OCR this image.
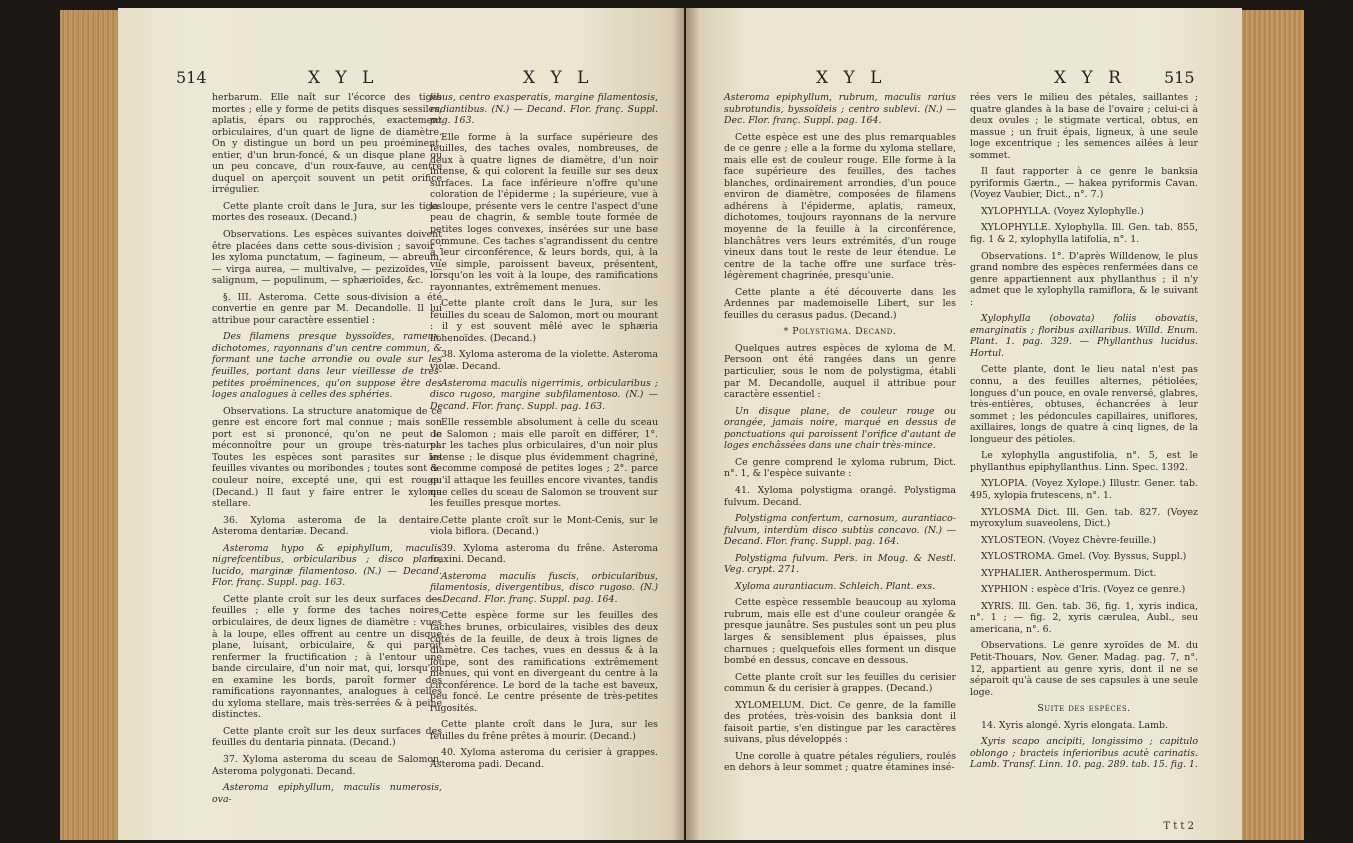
514	X Y L	X Y L

herbarum. Elle naît sur l'écorce des tiges mortes ; elle y forme de petits disques sessiles, aplatis, épars ou rapprochés, exactement orbiculaires, d'un quart de ligne de diamètre. On y distingue un bord un peu proéminent, entier, d'un brun-foncé, & un disque plane ou un peu concave, d'un roux-fauve, au centre duquel on aperçoit souvent un petit orifice irrégulier.

Cette plante croît dans le Jura, sur les tiges mortes des roseaux. (Decand.)

Observations. Les espèces suivantes doivent être placées dans cette sous-division ; savoir : les xyloma punctatum, — fagineum, — abreum, — virga aurea, — multivalve, — pezizoïdes, — salignum, — populinum, — sphærioïdes, &c.

§. III. Asteroma. Cette sous-division a été convertie en genre par M. Decandolle. Il lui attribue pour caractère essentiel :

Des filamens presque byssoïdes, rameux, dichotomes, rayonnans d'un centre commun, & formant une tache arrondie ou ovale sur les feuilles, portant dans leur vieillesse de très-petites proéminences, qu'on suppose être des loges analogues à celles des sphéries.

Observations. La structure anatomique de ce genre est encore fort mal connue ; mais son port est si prononcé, qu'on ne peut le méconnoître pour un groupe très-naturel. Toutes les espèces sont parasites sur les feuilles vivantes ou moribondes ; toutes sont de couleur noire, excepté une, qui est rouge. (Decand.) Il faut y faire entrer le xyloma stellare.

36. Xyloma asteroma de la dentaire. Asteroma dentariæ. Decand.

Asteroma hypo & epiphyllum, maculis nigrefcentibus, orbicularibus ; disco plano, lucido, marginæ filamentoso. (N.) — Decand. Flor. franç. Suppl. pag. 163.

Cette plante croît sur les deux surfaces des feuilles ; elle y forme des taches noires, orbiculaires, de deux lignes de diamètre : vues à la loupe, elles offrent au centre un disque plane, luisant, orbiculaire, & qui paroît renfermer la fructification ; à l'entour une bande circulaire, d'un noir mat, qui, lorsqu'on en examine les bords, paroît former des ramifications rayonnantes, analogues à celles du xyloma stellare, mais très-serrées & à peine distinctes.

Cette plante croît sur les deux surfaces des feuilles du dentaria pinnata. (Decand.)

37. Xyloma asteroma du sceau de Salomon. Asteroma polygonati. Decand.

Asteroma epiphyllum, maculis numerosis, ova-

libus, centro exasperatis, margine filamentosis, radiantibus. (N.) — Decand. Flor. franç. Suppl. pag. 163.

Elle forme à la surface supérieure des feuilles, des taches ovales, nombreuses, de deux à quatre lignes de diamètre, d'un noir intense, & qui colorent la feuille sur ses deux surfaces. La face inférieure n'offre qu'une coloration de l'épiderme ; la supérieure, vue à la loupe, présente vers le centre l'aspect d'une peau de chagrin, & semble toute formée de petites loges convexes, insérées sur une base commune. Ces taches s'agrandissent du centre à leur circonférence, & leurs bords, qui, à la vue simple, paroissent baveux, présentent, lorsqu'on les voit à la loupe, des ramifications rayonnantes, extrêmement menues.

Cette plante croît dans le Jura, sur les feuilles du sceau de Salomon, mort ou mourant : il y est souvent mêlé avec le sphæria lichenoïdes. (Decand.)

38. Xyloma asteroma de la violette. Asteroma violæ. Decand.

Asteroma maculis nigerrimis, orbicularibus ; disco rugoso, margine subfilamentoso. (N.) — Decand. Flor. franç. Suppl. pag. 163.

Elle ressemble absolument à celle du sceau de Salomon ; mais elle paroît en différer, 1°. par les taches plus orbiculaires, d'un noir plus intense ; le disque plus évidemment chagriné, & comme composé de petites loges ; 2°. parce qu'il attaque les feuilles encore vivantes, tandis que celles du sceau de Salomon se trouvent sur les feuilles presque mortes.

Cette plante croît sur le Mont-Cenis, sur le viola biflora. (Decand.)

39. Xyloma asteroma du frêne. Asteroma fraxini. Decand.

Asteroma maculis fuscis, orbicularibus, filamentosis, divergentibus, disco rugoso. (N.) — Decand. Flor. franç. Suppl. pag. 164.

Cette espèce forme sur les feuilles des taches brunes, orbiculaires, visibles des deux côtés de la feuille, de deux à trois lignes de diamètre. Ces taches, vues en dessus & à la loupe, sont des ramifications extrêmement menues, qui vont en divergeant du centre à la circonférence. Le bord de la tache est baveux, peu foncé. Le centre présente de très-petites rugosités.

Cette plante croît dans le Jura, sur les feuilles du frêne prêtes à mourir. (Decand.)

40. Xyloma asteroma du cerisier à grappes. Asteroma padi. Decand.

X Y L	X Y R 515

Asteroma epiphyllum, rubrum, maculis rarius subrotundis, byssoïdeis ; centro sublevi. (N.) — Dec. Flor. franç. Suppl. pag. 164.

Cette espèce est une des plus remarquables de ce genre ; elle a la forme du xyloma stellare, mais elle est de couleur rouge. Elle forme à la face supérieure des feuilles, des taches blanches, ordinairement arrondies, d'un pouce environ de diamètre, composées de filamens adhérens à l'épiderme, aplatis, rameux, dichotomes, toujours rayonnans de la nervure moyenne de la feuille à la circonférence, blanchâtres vers leurs extrémités, d'un rouge vineux dans tout le reste de leur étendue. Le centre de la tache offre une surface très-légèrement chagrinée, presqu'unie.

Cette plante a été découverte dans les Ardennes par mademoiselle Libert, sur les feuilles du cerasus padus. (Decand.)

* Polystigma. Decand.

Quelques autres espèces de xyloma de M. Persoon ont été rangées dans un genre particulier, sous le nom de polystigma, établi par M. Decandolle, auquel il attribue pour caractère essentiel :

Un disque plane, de couleur rouge ou orangée, jamais noire, marqué en dessus de ponctuations qui paroissent l'orifice d'autant de loges enchâssées dans une chair très-mince.

Ce genre comprend le xyloma rubrum, Dict. n°. 1, & l'espèce suivante :

41. Xyloma polystigma orangé. Polystigma fulvum. Decand.

Polystigma confertum, carnosum, aurantiaco-fulvum, interdùm disco subtùs concavo. (N.) — Decand. Flor. franç. Suppl. pag. 164.

Polystigma fulvum. Pers. in Moug. & Nestl. Veg. crypt. 271.

Xyloma aurantiacum. Schleich. Plant. exs.

Cette espèce ressemble beaucoup au xyloma rubrum, mais elle est d'une couleur orangée & presque jaunâtre. Ses pustules sont un peu plus larges & sensiblement plus épaisses, plus charnues ; quelquefois elles forment un disque bombé en dessus, concave en dessous.

Cette plante croît sur les feuilles du cerisier commun & du cerisier à grappes. (Decand.)

XYLOMELUM. Dict. Ce genre, de la famille des protées, très-voisin des banksia dont il faisoit partie, s'en distingue par les caractères suivans, plus développés :

Une corolle à quatre pétales réguliers, roulés en dehors à leur sommet ; quatre étamines insé-

rées vers le milieu des pétales, saillantes ; quatre glandes à la base de l'ovaire ; celui-ci à deux ovules ; le stigmate vertical, obtus, en massue ; un fruit épais, ligneux, à une seule loge excentrique ; les semences ailées à leur sommet.

Il faut rapporter à ce genre le banksia pyriformis Gærtn., — hakea pyriformis Cavan. (Voyez Vaubier, Dict., n°. 7.)

XYLOPHYLLA. (Voyez Xylophylle.)

XYLOPHYLLE. Xylophylla. Ill. Gen. tab. 855, fig. 1 & 2, xylophylla latifolia, n°. 1.

Observations. 1°. D'après Willdenow, le plus grand nombre des espèces renfermées dans ce genre appartiennent aux phyllanthus ; il n'y admet que le xylophylla ramiflora, & le suivant :

Xylophylla (obovata) foliis obovatis, emarginatis ; floribus axillaribus. Willd. Enum. Plant. 1. pag. 329. — Phyllanthus lucidus. Hortul.

Cette plante, dont le lieu natal n'est pas connu, a des feuilles alternes, pétiolées, longues d'un pouce, en ovale renversé, glabres, très-entières, obtuses, échancrées à leur sommet ; les pédoncules capillaires, uniflores, axillaires, longs de quatre à cinq lignes, de la longueur des pétioles.

Le xylophylla angustifolia, n°. 5, est le phyllanthus epiphyllanthus. Linn. Spec. 1392.

XYLOPIA. (Voyez Xylope.) Illustr. Gener. tab. 495, xylopia frutescens, n°. 1.

XYLOSMA Dict. Ill. Gen. tab. 827. (Voyez myroxylum suaveolens, Dict.)

XYLOSTEON. (Voyez Chèvre-feuille.)

XYLOSTROMA. Gmel. (Voy. Byssus, Suppl.)

XYPHALIER. Antherospermum. Dict.

XYPHION : espèce d'Iris. (Voyez ce genre.)

XYRIS. Ill. Gen. tab. 36, fig. 1, xyris indica, n°. 1 ; — fig. 2, xyris cærulea, Aubl., seu americana, n°. 6.

Observations. Le genre xyroïdes de M. du Petit-Thouars, Nov. Gener. Madag. pag. 7, n°. 12, appartient au genre xyris, dont il ne se séparoit qu'à cause de ses capsules à une seule loge.

Suite des espèces.

14. Xyris alongé. Xyris elongata. Lamb.

Xyris scapo ancipiti, longissimo ; capitulo oblongo ; bracteis inferioribus acutè carinatis. Lamb. Transf. Linn. 10. pag. 289. tab. 15. fig. 1.

T t t 2
